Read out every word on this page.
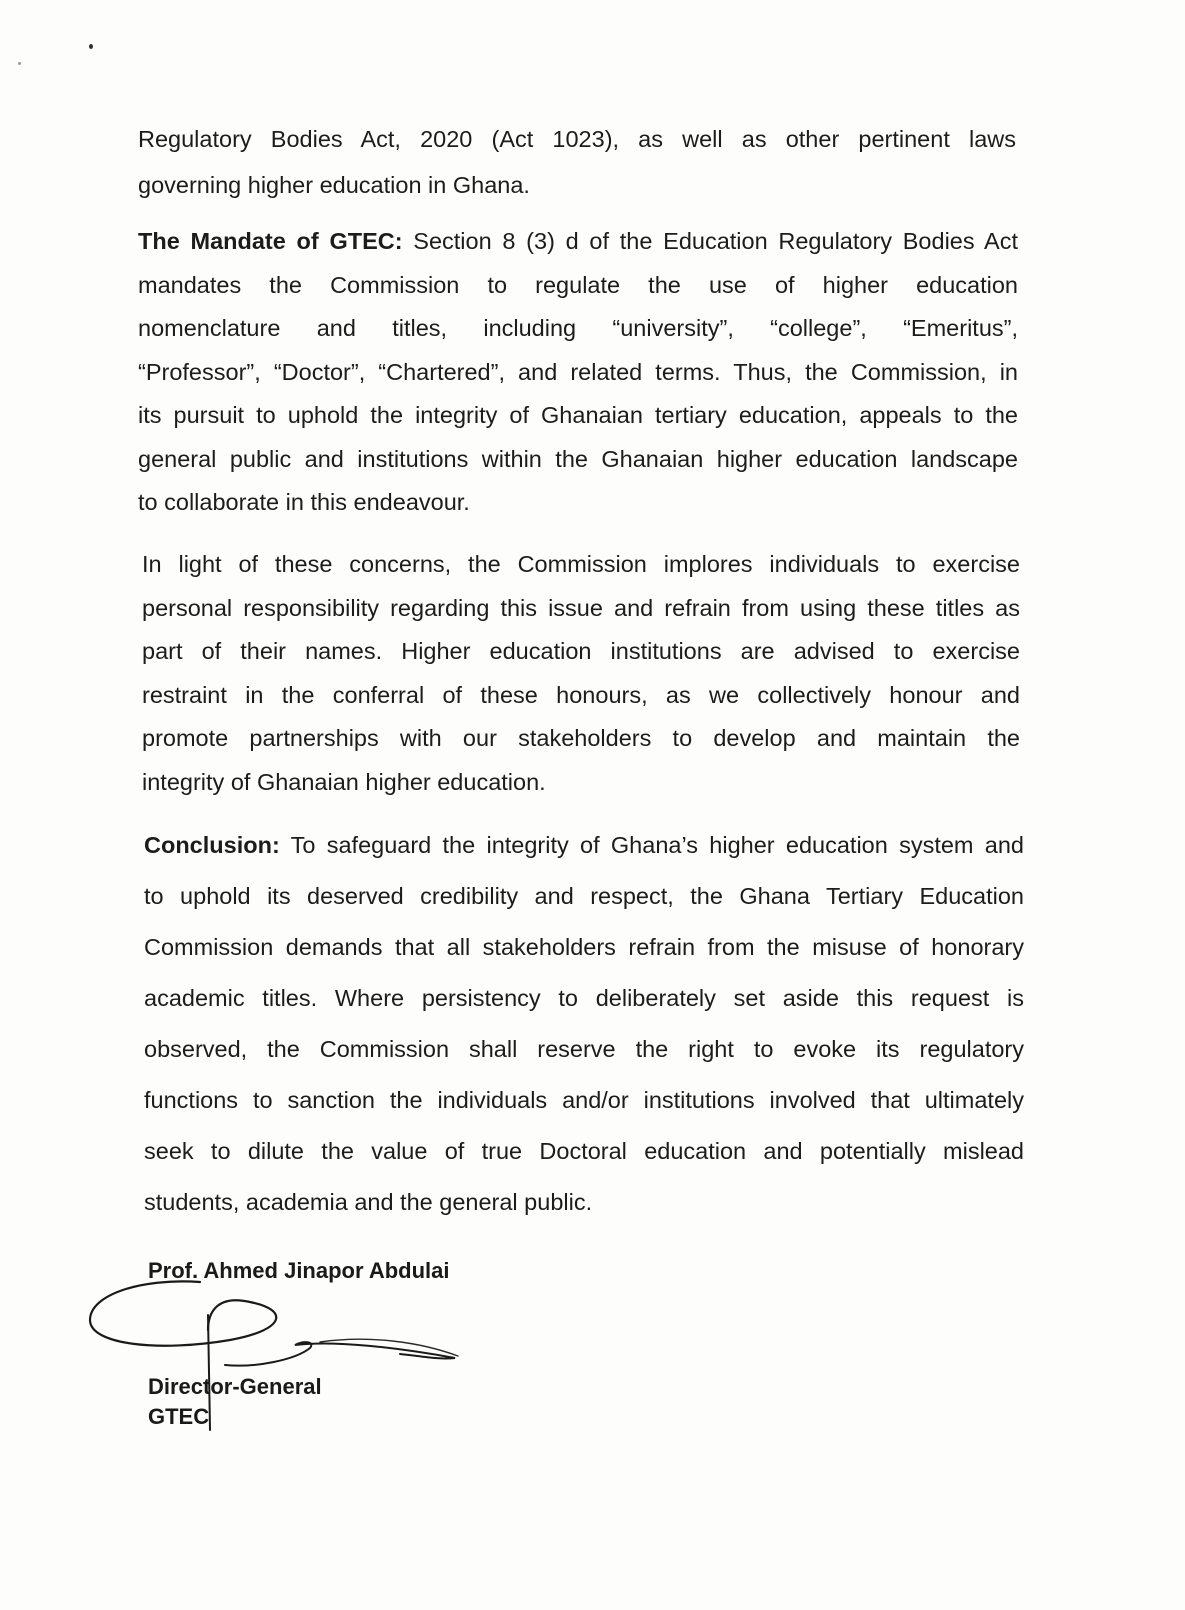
Regulatory Bodies Act, 2020 (Act 1023), as well as other pertinent laws
governing higher education in Ghana.
The Mandate of GTEC: Section 8 (3) d of the Education Regulatory Bodies Act
mandates the Commission to regulate the use of higher education
nomenclature and titles, including “university”, “college”, “Emeritus”,
“Professor”, “Doctor”, “Chartered”, and related terms. Thus, the Commission, in
its pursuit to uphold the integrity of Ghanaian tertiary education, appeals to the
general public and institutions within the Ghanaian higher education landscape
to collaborate in this endeavour.
In light of these concerns, the Commission implores individuals to exercise
personal responsibility regarding this issue and refrain from using these titles as
part of their names. Higher education institutions are advised to exercise
restraint in the conferral of these honours, as we collectively honour and
promote partnerships with our stakeholders to develop and maintain the
integrity of Ghanaian higher education.
Conclusion: To safeguard the integrity of Ghana’s higher education system and
to uphold its deserved credibility and respect, the Ghana Tertiary Education
Commission demands that all stakeholders refrain from the misuse of honorary
academic titles. Where persistency to deliberately set aside this request is
observed, the Commission shall reserve the right to evoke its regulatory
functions to sanction the individuals and/or institutions involved that ultimately
seek to dilute the value of true Doctoral education and potentially mislead
students, academia and the general public.
Prof. Ahmed Jinapor Abdulai
Director-General
GTEC
